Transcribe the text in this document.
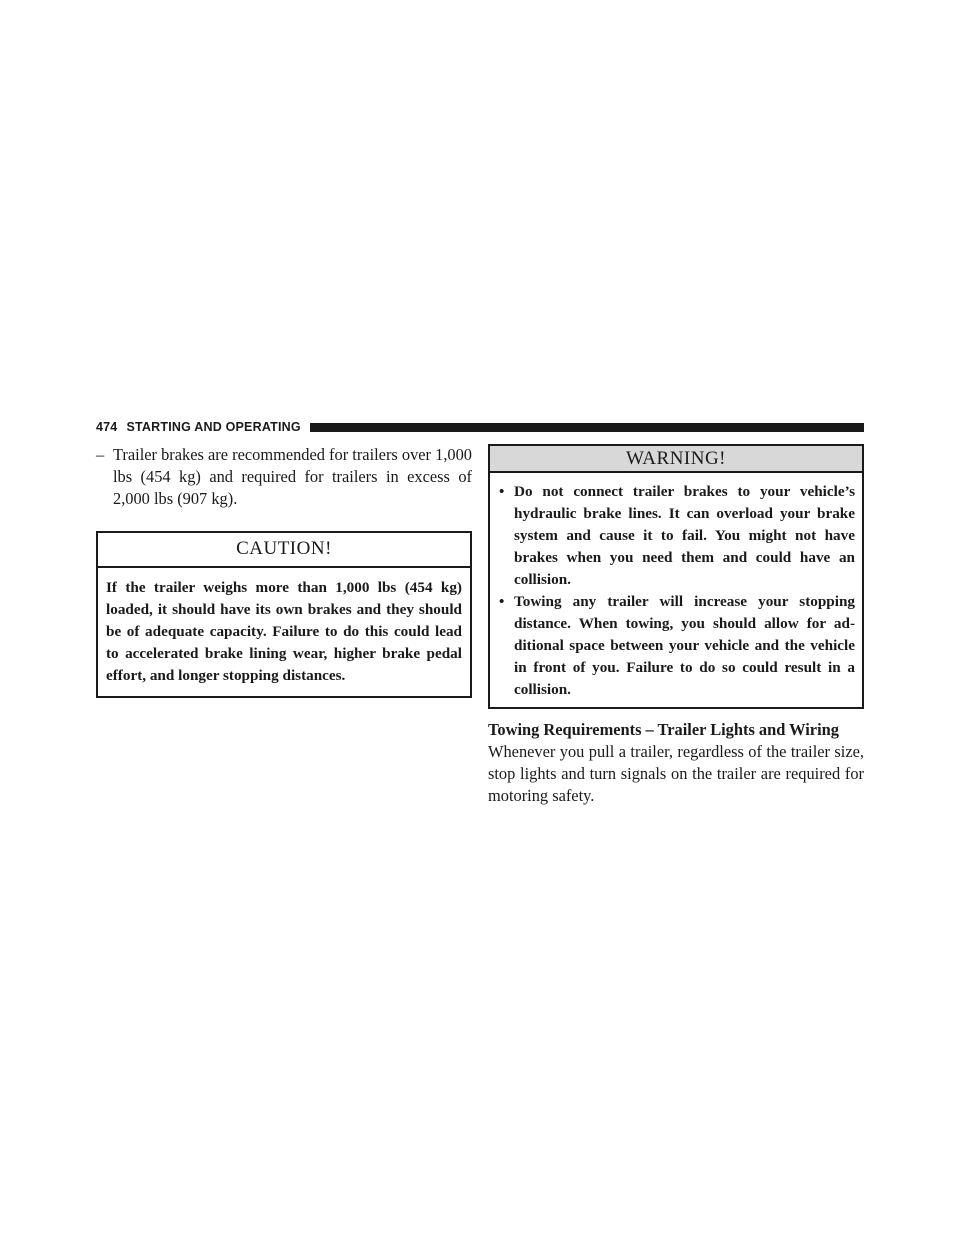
474 STARTING AND OPERATING
– Trailer brakes are recommended for trailers over 1,000 lbs (454 kg) and required for trailers in excess of 2,000 lbs (907 kg).
CAUTION!
If the trailer weighs more than 1,000 lbs (454 kg) loaded, it should have its own brakes and they should be of adequate capacity. Failure to do this could lead to accelerated brake lining wear, higher brake pedal effort, and longer stopping distances.
WARNING!
• Do not connect trailer brakes to your vehicle’s hydraulic brake lines. It can overload your brake system and cause it to fail. You might not have brakes when you need them and could have an collision.
• Towing any trailer will increase your stopping distance. When towing, you should allow for additional space between your vehicle and the vehicle in front of you. Failure to do so could result in a collision.
Towing Requirements – Trailer Lights and Wiring
Whenever you pull a trailer, regardless of the trailer size, stop lights and turn signals on the trailer are required for motoring safety.
